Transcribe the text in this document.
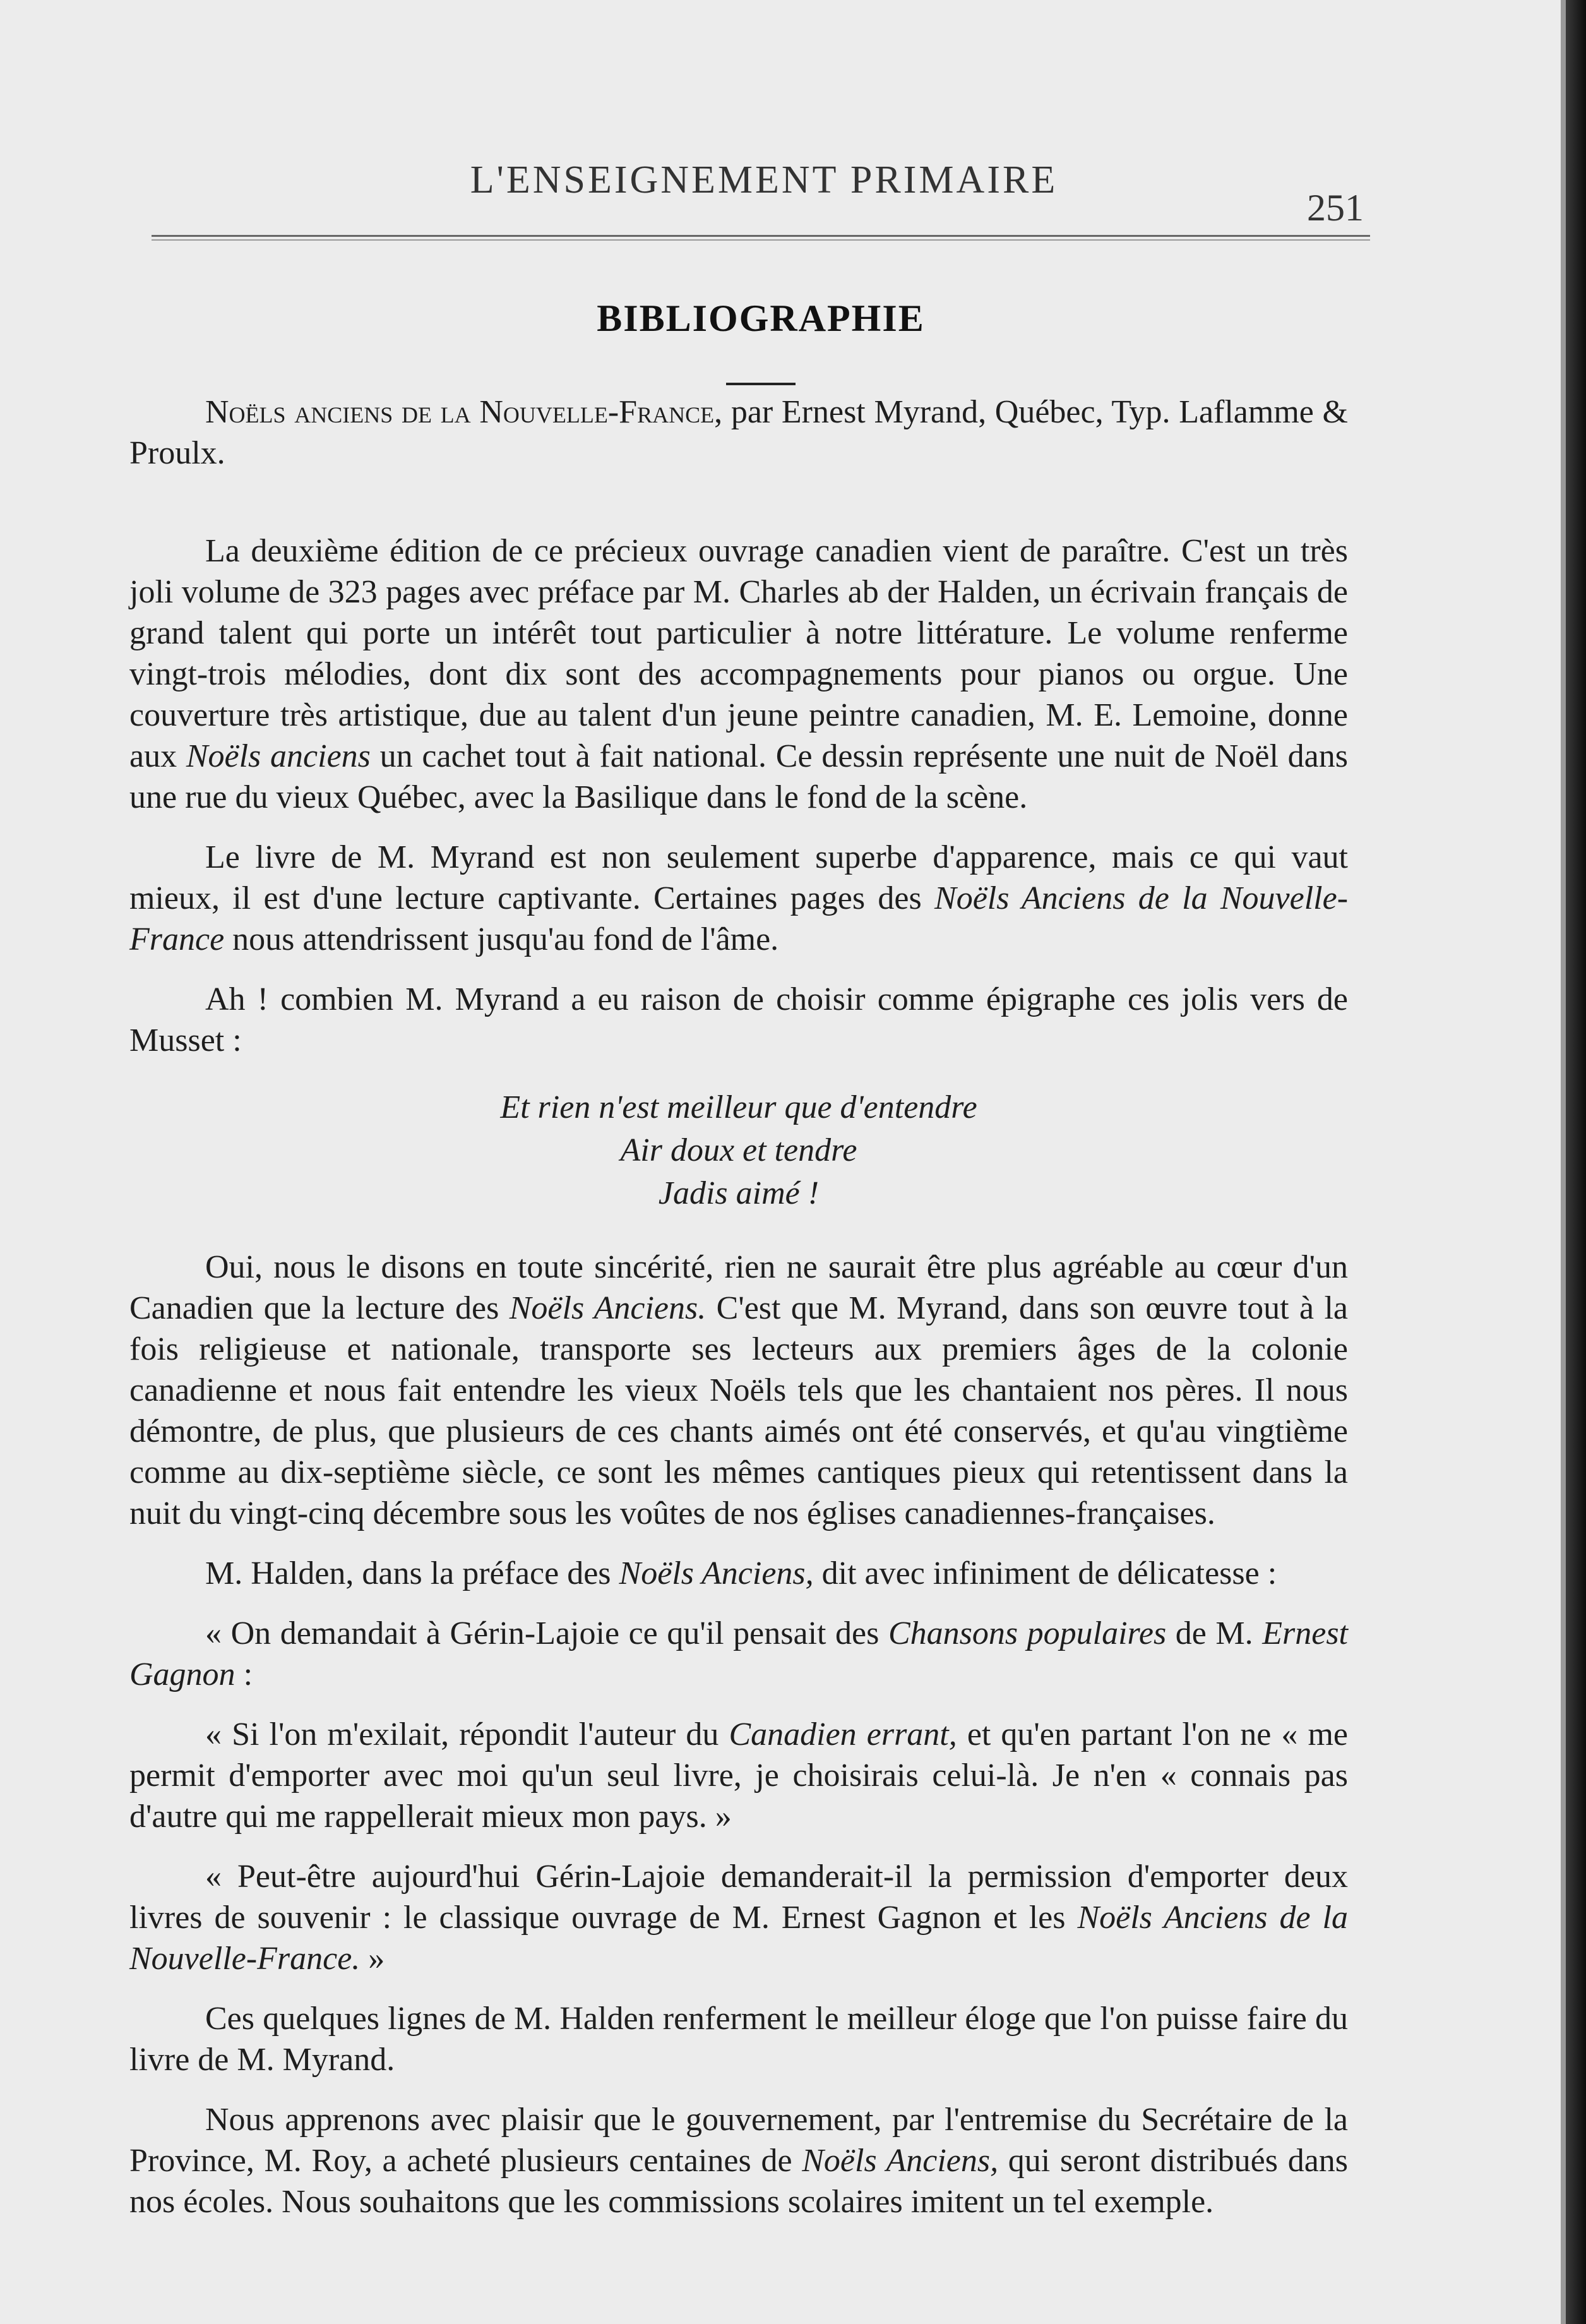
L'ENSEIGNEMENT PRIMAIRE
251
BIBLIOGRAPHIE

Noëls anciens de la Nouvelle-France, par Ernest Myrand, Québec, Typ. Laflamme & Proulx.

La deuxième édition de ce précieux ouvrage canadien vient de paraître. C'est un très joli volume de 323 pages avec préface par M. Charles ab der Halden, un écrivain français de grand talent qui porte un intérêt tout particulier à notre littérature. Le volume renferme vingt-trois mélodies, dont dix sont des accompagnements pour pianos ou orgue. Une couverture très artistique, due au talent d'un jeune peintre canadien, M. E. Lemoine, donne aux Noëls anciens un cachet tout à fait national. Ce dessin représente une nuit de Noël dans une rue du vieux Québec, avec la Basilique dans le fond de la scène.

Le livre de M. Myrand est non seulement superbe d'apparence, mais ce qui vaut mieux, il est d'une lecture captivante. Certaines pages des Noëls Anciens de la Nouvelle-France nous attendrissent jusqu'au fond de l'âme.

Ah ! combien M. Myrand a eu raison de choisir comme épigraphe ces jolis vers de Musset :

Et rien n'est meilleur que d'entendre
Air doux et tendre
Jadis aimé !

Oui, nous le disons en toute sincérité, rien ne saurait être plus agréable au cœur d'un Canadien que la lecture des Noëls Anciens. C'est que M. Myrand, dans son œuvre tout à la fois religieuse et nationale, transporte ses lecteurs aux premiers âges de la colonie canadienne et nous fait entendre les vieux Noëls tels que les chantaient nos pères. Il nous démontre, de plus, que plusieurs de ces chants aimés ont été conservés, et qu'au vingtième comme au dix-septième siècle, ce sont les mêmes cantiques pieux qui retentissent dans la nuit du vingt-cinq décembre sous les voûtes de nos églises canadiennes-françaises.

M. Halden, dans la préface des Noëls Anciens, dit avec infiniment de délicatesse :

« On demandait à Gérin-Lajoie ce qu'il pensait des Chansons populaires de M. Ernest Gagnon :

« Si l'on m'exilait, répondit l'auteur du Canadien errant, et qu'en partant l'on ne « me permit d'emporter avec moi qu'un seul livre, je choisirais celui-là. Je n'en « connais pas d'autre qui me rappellerait mieux mon pays. »

« Peut-être aujourd'hui Gérin-Lajoie demanderait-il la permission d'emporter deux livres de souvenir : le classique ouvrage de M. Ernest Gagnon et les Noëls Anciens de la Nouvelle-France. »

Ces quelques lignes de M. Halden renferment le meilleur éloge que l'on puisse faire du livre de M. Myrand.

Nous apprenons avec plaisir que le gouvernement, par l'entremise du Secrétaire de la Province, M. Roy, a acheté plusieurs centaines de Noëls Anciens, qui seront distribués dans nos écoles. Nous souhaitons que les commissions scolaires imitent un tel exemple.
